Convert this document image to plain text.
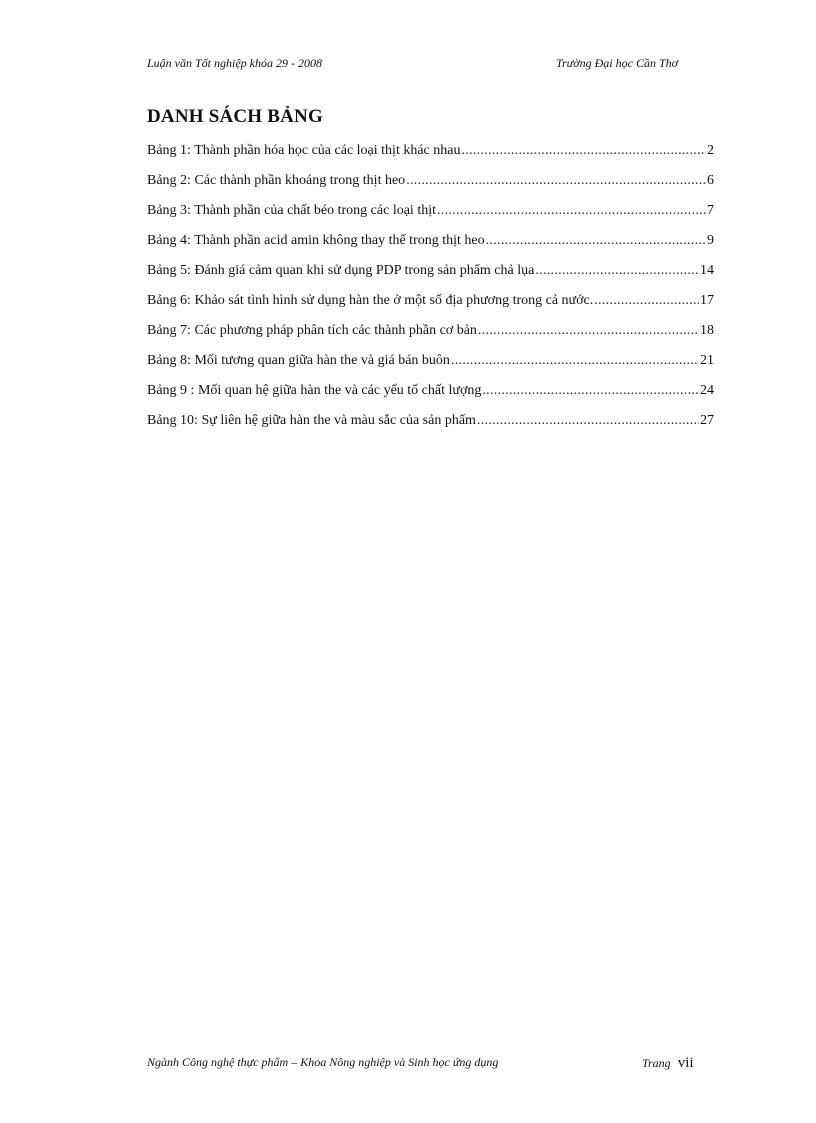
Luận văn Tốt nghiệp khóa 29 - 2008	Trường Đại học Cần Thơ
DANH SÁCH BẢNG
Bảng 1: Thành phần hóa học của các loại thịt khác nhau .....	2
Bảng 2: Các thành phần khoáng trong thịt heo .....	6
Bảng 3: Thành phần của chất béo trong các loại thịt .....	7
Bảng 4: Thành phần acid amin không thay thế trong thịt heo .....	9
Bảng 5: Đánh giá cảm quan khi sử dụng PDP trong sản phẩm chả lụa .....	14
Bảng 6: Khảo sát tình hình sử dụng hàn the ở một số địa phương trong cả nước. .....	17
Bảng 7: Các phương pháp phân tích các thành phần cơ bản .....	18
Bảng 8: Mối tương quan giữa hàn the và giá bán buôn .....	21
Bảng 9 : Mối quan hệ giữa hàn the và các yếu tố chất lượng .....	24
Bảng 10: Sự liên hệ giữa hàn the và màu sắc của sản phẩm .....	27
Ngành Công nghệ thực phẩm – Khoa Nông nghiệp và Sinh học ứng dụng	Trang vii
